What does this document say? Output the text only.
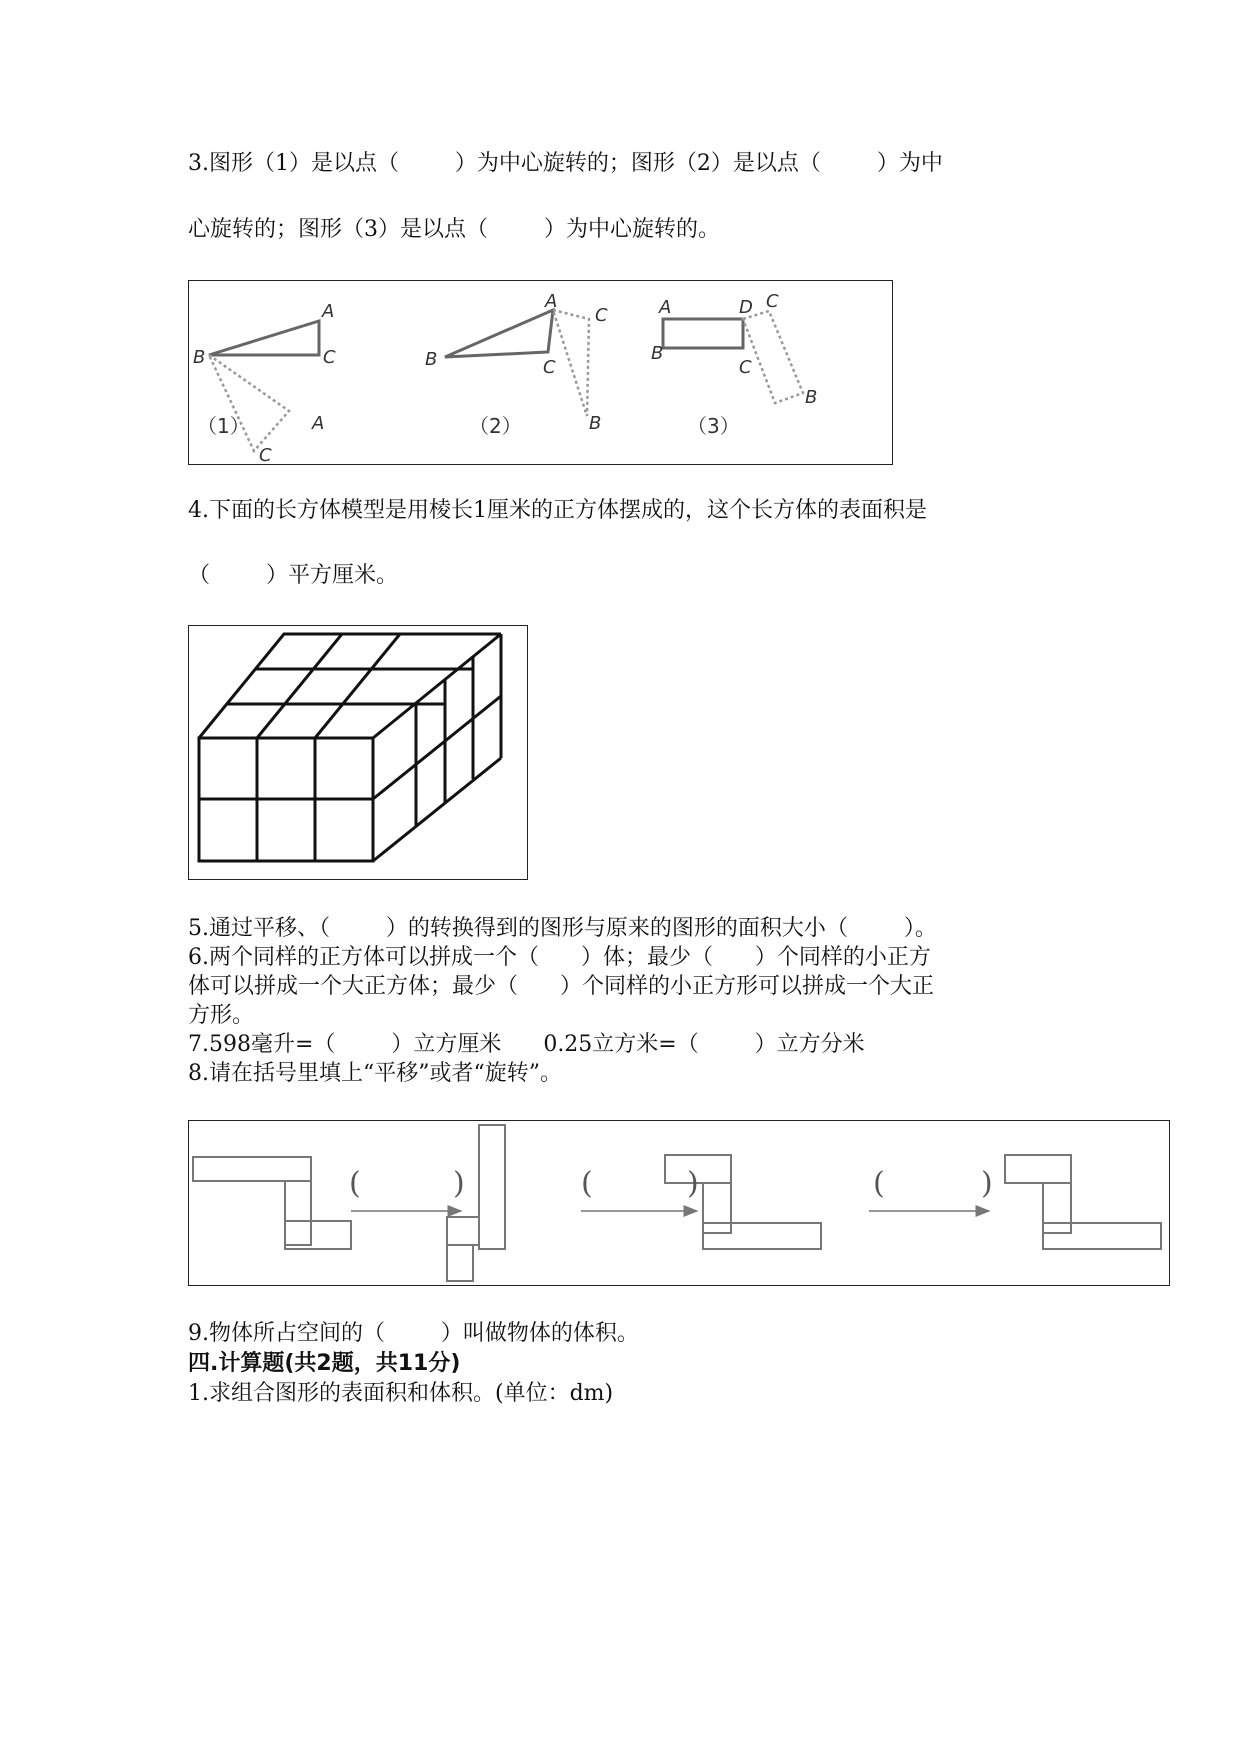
3.图形（1）是以点（        ）为中心旋转的；图形（2）是以点（        ）为中
心旋转的；图形（3）是以点（        ）为中心旋转的。
A
B	C
A
C
（1）
A
C
B	C
B
（2）
A	D C
B
C
B
（3）
4.下面的长方体模型是用棱长1厘米的正方体摆成的，这个长方体的表面积是
（        ）平方厘米。
5.通过平移、（        ）的转换得到的图形与原来的图形的面积大小（        ）。
6.两个同样的正方体可以拼成一个（      ）体；最少（      ）个同样的小正方
体可以拼成一个大正方体；最少（      ）个同样的小正方形可以拼成一个大正
方形。
7.598毫升=（        ）立方厘米      0.25立方米=（        ）立方分米
8.请在括号里填上“平移”或者“旋转”。
(	)	(	)	(	)
9.物体所占空间的（        ）叫做物体的体积。
四.计算题(共2题，共11分)
1.求组合图形的表面积和体积。(单位：dm)
